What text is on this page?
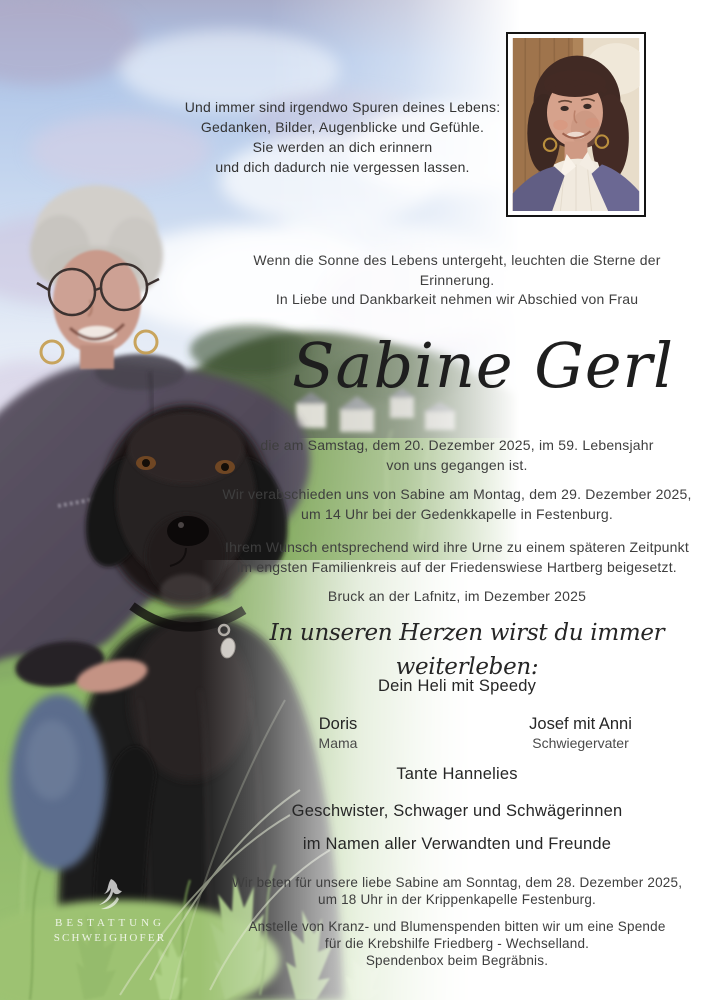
BESTATTUNG
SCHWEIGHOFER
Und immer sind irgendwo Spuren deines Lebens:
Gedanken, Bilder, Augenblicke und Gefühle.
Sie werden an dich erinnern
und dich dadurch nie vergessen lassen.
Wenn die Sonne des Lebens untergeht, leuchten die Sterne der Erinnerung.
In Liebe und Dankbarkeit nehmen wir Abschied von Frau
Sabine Gerl
die am Samstag, dem 20. Dezember 2025, im 59. Lebensjahr
von uns gegangen ist.
Wir verabschieden uns von Sabine am Montag, dem 29. Dezember 2025,
um 14 Uhr bei der Gedenkkapelle in Festenburg.
Ihrem Wunsch entsprechend wird ihre Urne zu einem späteren Zeitpunkt
im engsten Familienkreis auf der Friedenswiese Hartberg beigesetzt.
Bruck an der Lafnitz, im Dezember 2025
In unseren Herzen wirst du immer weiterleben:
Dein Heli mit Speedy
Doris
Mama
Josef mit Anni
Schwiegervater
Tante Hannelies
Geschwister, Schwager und Schwägerinnen
im Namen aller Verwandten und Freunde
Wir beten für unsere liebe Sabine am Sonntag, dem 28. Dezember 2025,
um 18 Uhr in der Krippenkapelle Festenburg.
Anstelle von Kranz- und Blumenspenden bitten wir um eine Spende
für die Krebshilfe Friedberg - Wechselland.
Spendenbox beim Begräbnis.
